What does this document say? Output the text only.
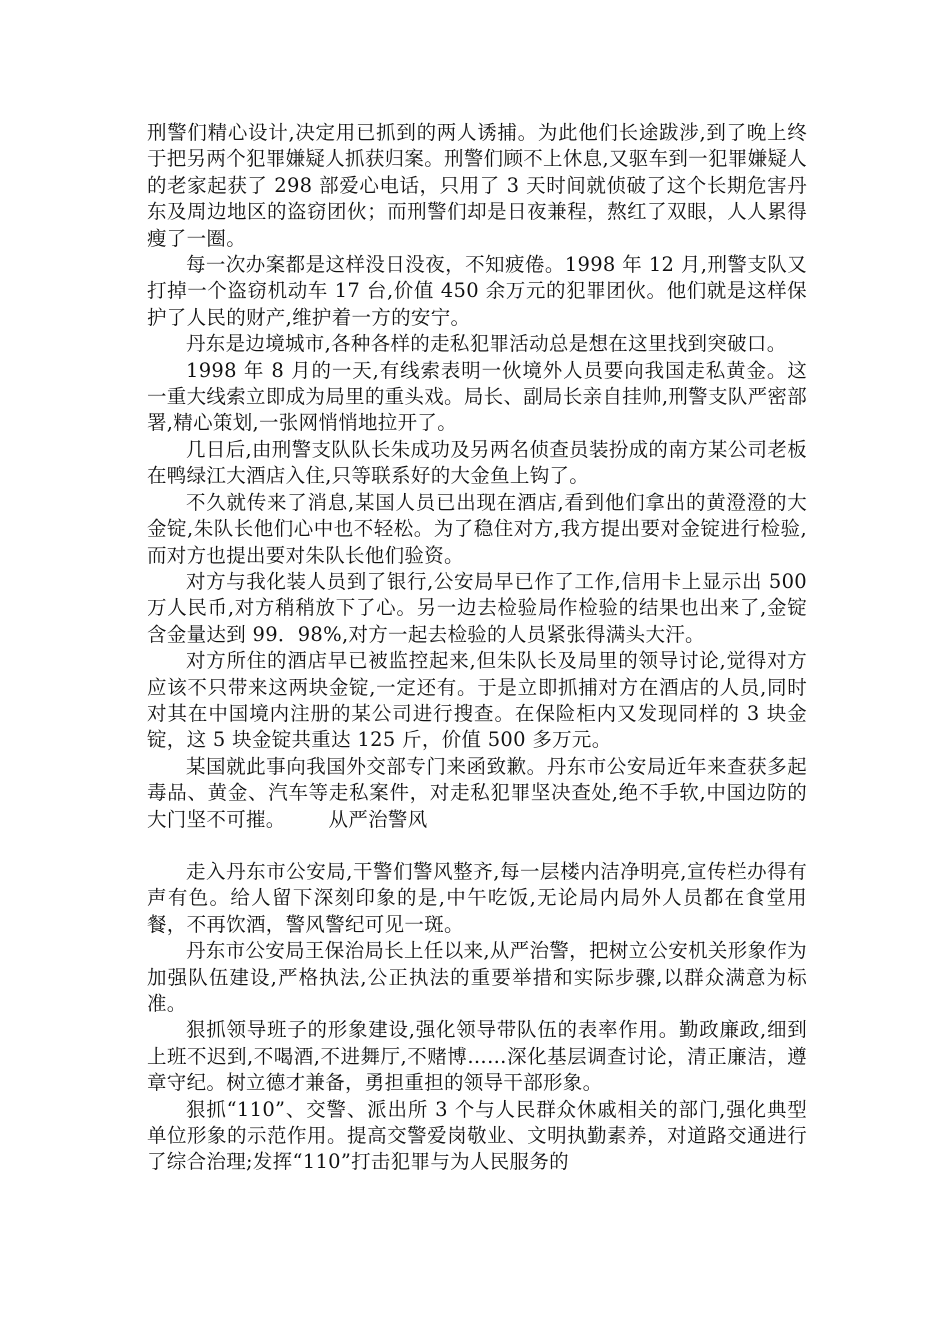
刑警们精心设计,决定用已抓到的两人诱捕。为此他们长途跋涉,到了晚上终于把另两个犯罪嫌疑人抓获归案。刑警们顾不上休息,又驱车到一犯罪嫌疑人的老家起获了 298 部爱心电话，只用了 3 天时间就侦破了这个长期危害丹东及周边地区的盗窃团伙；而刑警们却是日夜兼程，熬红了双眼，人人累得瘦了一圈。

每一次办案都是这样没日没夜，不知疲倦。1998 年 12 月,刑警支队又打掉一个盗窃机动车 17 台,价值 450 余万元的犯罪团伙。他们就是这样保护了人民的财产,维护着一方的安宁。

丹东是边境城市,各种各样的走私犯罪活动总是想在这里找到突破口。

1998 年 8 月的一天,有线索表明一伙境外人员要向我国走私黄金。这一重大线索立即成为局里的重头戏。局长、副局长亲自挂帅,刑警支队严密部署,精心策划,一张网悄悄地拉开了。

几日后,由刑警支队队长朱成功及另两名侦查员装扮成的南方某公司老板在鸭绿江大酒店入住,只等联系好的大金鱼上钩了。

不久就传来了消息,某国人员已出现在酒店,看到他们拿出的黄澄澄的大金锭,朱队长他们心中也不轻松。为了稳住对方,我方提出要对金锭进行检验,而对方也提出要对朱队长他们验资。

对方与我化装人员到了银行,公安局早已作了工作,信用卡上显示出 500 万人民币,对方稍稍放下了心。另一边去检验局作检验的结果也出来了,金锭含金量达到 99．98%,对方一起去检验的人员紧张得满头大汗。

对方所住的酒店早已被监控起来,但朱队长及局里的领导讨论,觉得对方应该不只带来这两块金锭,一定还有。于是立即抓捕对方在酒店的人员,同时对其在中国境内注册的某公司进行搜查。在保险柜内又发现同样的 3 块金锭，这 5 块金锭共重达 125 斤，价值 500 多万元。

某国就此事向我国外交部专门来函致歉。丹东市公安局近年来查获多起毒品、黄金、汽车等走私案件，对走私犯罪坚决查处,绝不手软,中国边防的大门坚不可摧。 从严治警风

走入丹东市公安局,干警们警风整齐,每一层楼内洁净明亮,宣传栏办得有声有色。给人留下深刻印象的是,中午吃饭,无论局内局外人员都在食堂用餐，不再饮酒，警风警纪可见一斑。

丹东市公安局王保治局长上任以来,从严治警，把树立公安机关形象作为加强队伍建设,严格执法,公正执法的重要举措和实际步骤,以群众满意为标准。

狠抓领导班子的形象建设,强化领导带队伍的表率作用。勤政廉政,细到上班不迟到,不喝酒,不进舞厅,不赌博……深化基层调查讨论，清正廉洁，遵章守纪。树立德才兼备，勇担重担的领导干部形象。

狠抓“110”、交警、派出所 3 个与人民群众休戚相关的部门,强化典型单位形象的示范作用。提高交警爱岗敬业、文明执勤素养，对道路交通进行了综合治理;发挥“110”打击犯罪与为人民服务的
